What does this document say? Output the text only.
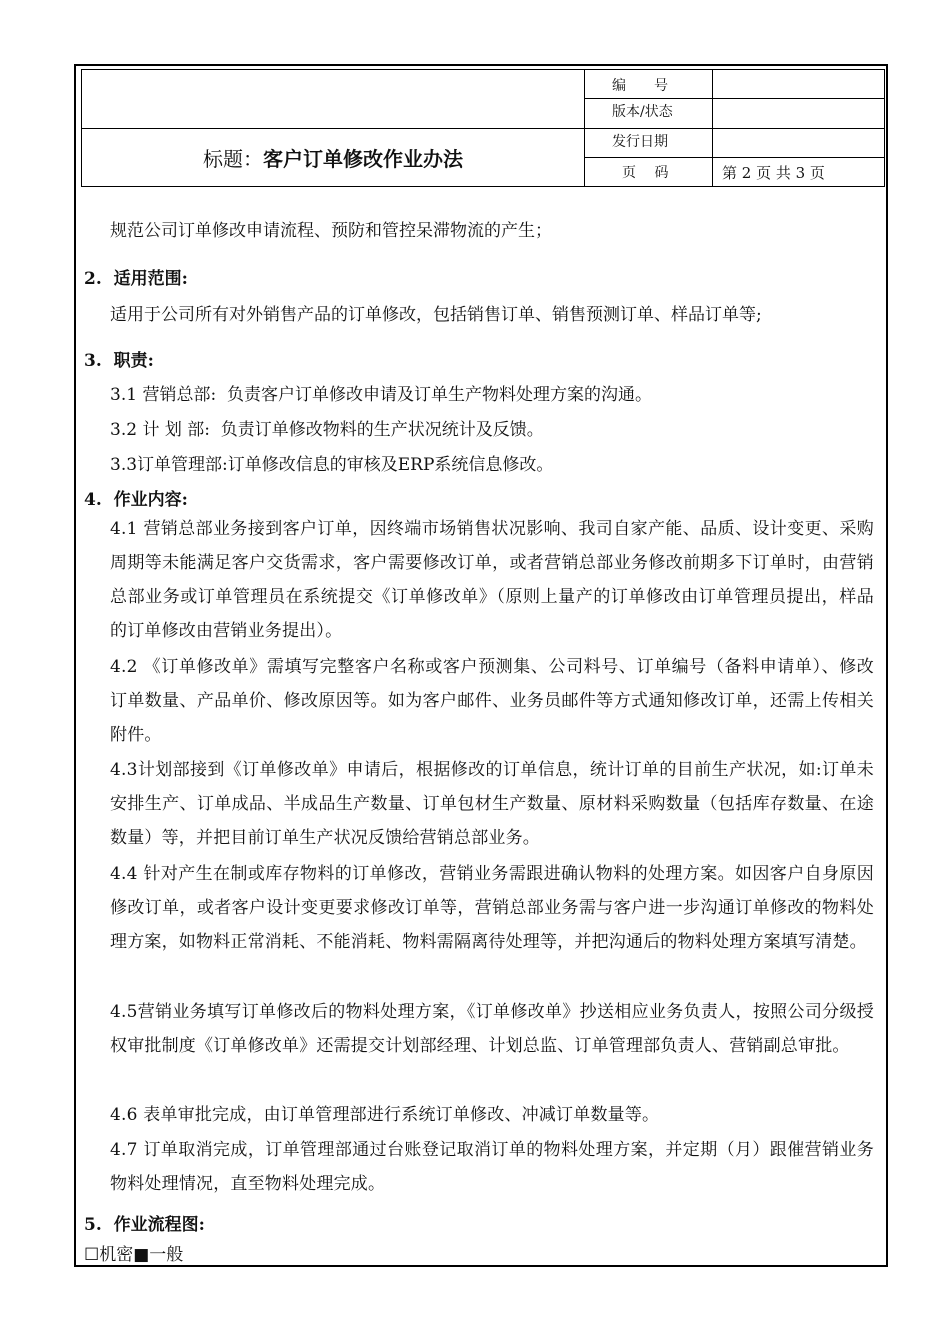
编　　号
版本/状态
发行日期
页　 码	第 2 页 共 3 页
标题： 客户订单修改作业办法
规范公司订单修改申请流程、预防和管控呆滞物流的产生；
2.  适用范围:
适用于公司所有对外销售产品的订单修改，包括销售订单、销售预测订单、样品订单等;
3.  职责:
3.1 营销总部:  负责客户订单修改申请及订单生产物料处理方案的沟通。
3.2 计 划 部:  负责订单修改物料的生产状况统计及反馈。
3.3订单管理部:订单修改信息的审核及ERP系统信息修改。
4.  作业内容:
4.1 营销总部业务接到客户订单，因终端市场销售状况影响、我司自家产能、品质、设计变更、采购周期等未能满足客户交货需求，客户需要修改订单，或者营销总部业务修改前期多下订单时，由营销总部业务或订单管理员在系统提交《订单修改单》（原则上量产的订单修改由订单管理员提出，样品的订单修改由营销业务提出）。
4.2 《订单修改单》需填写完整客户名称或客户预测集、公司料号、订单编号（备料申请单）、修改订单数量、产品单价、修改原因等。如为客户邮件、业务员邮件等方式通知修改订单，还需上传相关附件。
4.3计划部接到《订单修改单》申请后，根据修改的订单信息，统计订单的目前生产状况，如:订单未安排生产、订单成品、半成品生产数量、订单包材生产数量、原材料采购数量（包括库存数量、在途数量）等，并把目前订单生产状况反馈给营销总部业务。
4.4 针对产生在制或库存物料的订单修改，营销业务需跟进确认物料的处理方案。如因客户自身原因修改订单，或者客户设计变更要求修改订单等，营销总部业务需与客户进一步沟通订单修改的物料处理方案，如物料正常消耗、不能消耗、物料需隔离待处理等，并把沟通后的物料处理方案填写清楚。
4.5营销业务填写订单修改后的物料处理方案，《订单修改单》抄送相应业务负责人，按照公司分级授权审批制度《订单修改单》还需提交计划部经理、计划总监、订单管理部负责人、营销副总审批。
4.6 表单审批完成，由订单管理部进行系统订单修改、冲减订单数量等。
4.7 订单取消完成，订单管理部通过台账登记取消订单的物料处理方案，并定期（月）跟催营销业务物料处理情况，直至物料处理完成。
5.  作业流程图:
☐机密■一般
